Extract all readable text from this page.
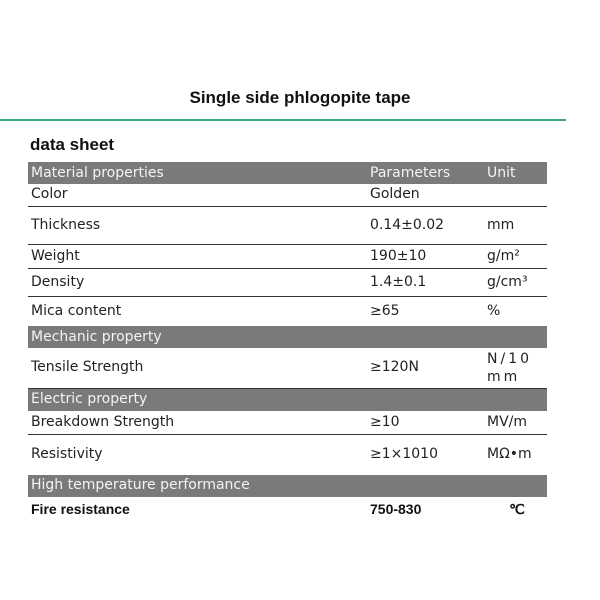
Single side phlogopite tape
data sheet
Material properties	Parameters	Unit
Color	Golden	
Thickness	0.14±0.02	mm
Weight	190±10	g/m²
Density	1.4±0.1	g/cm³
Mica content	≥65	%
Mechanic property		
Tensile Strength	≥120N	N/10mm
Electric property		
Breakdown Strength	≥10	MV/m
Resistivity	≥1×1010	MΩ•m
High temperature performance		
Fire resistance	750-830	℃
